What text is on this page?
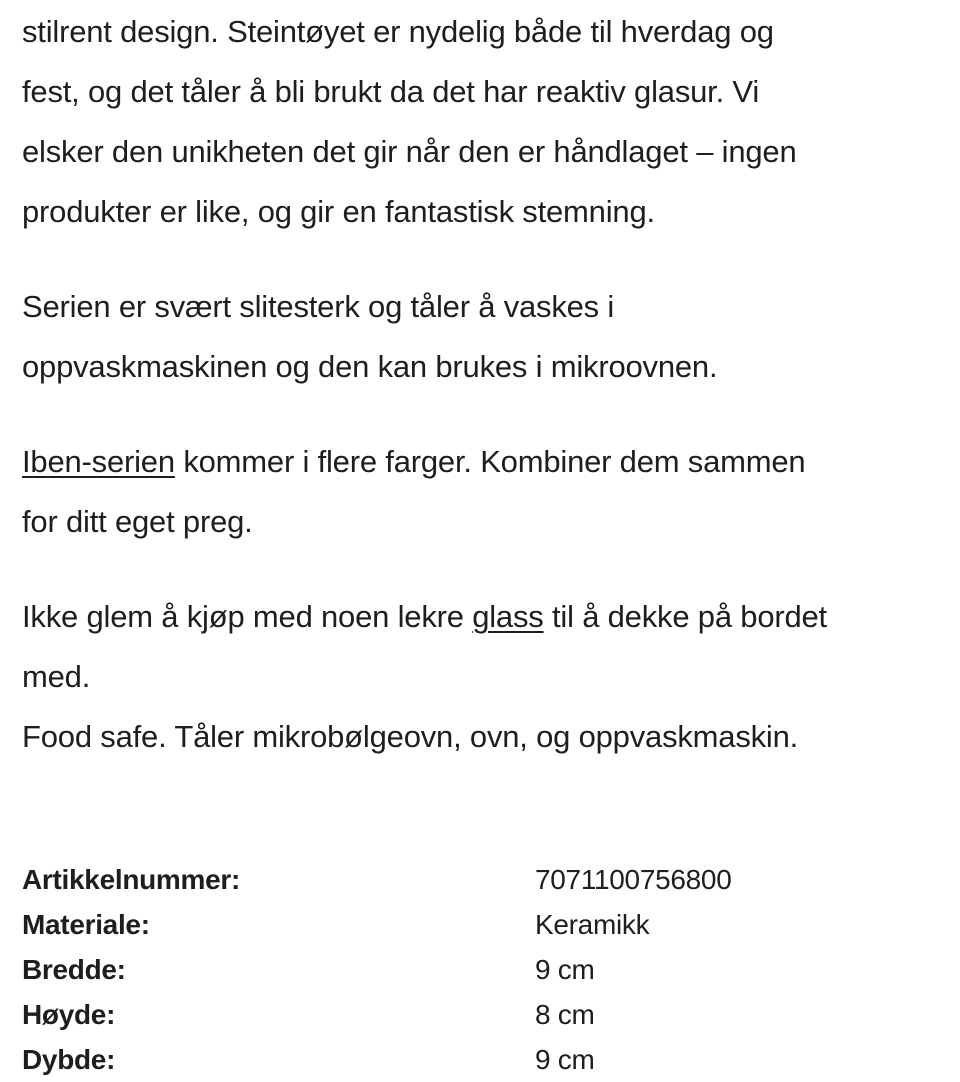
stilrent design. Steintøyet er nydelig både til hverdag og
fest, og det tåler å bli brukt da det har reaktiv glasur. Vi
elsker den unikheten det gir når den er håndlaget – ingen
produkter er like, og gir en fantastisk stemning.
Serien er svært slitesterk og tåler å vaskes i
oppvaskmaskinen og den kan brukes i mikroovnen.
Iben-serien kommer i flere farger. Kombiner dem sammen
for ditt eget preg.
Ikke glem å kjøp med noen lekre glass til å dekke på bordet
med.
Food safe. Tåler mikrobølgeovn, ovn, og oppvaskmaskin.
Artikkelnummer:	7071100756800
Materiale:	Keramikk
Bredde:	9 cm
Høyde:	8 cm
Dybde:	9 cm
